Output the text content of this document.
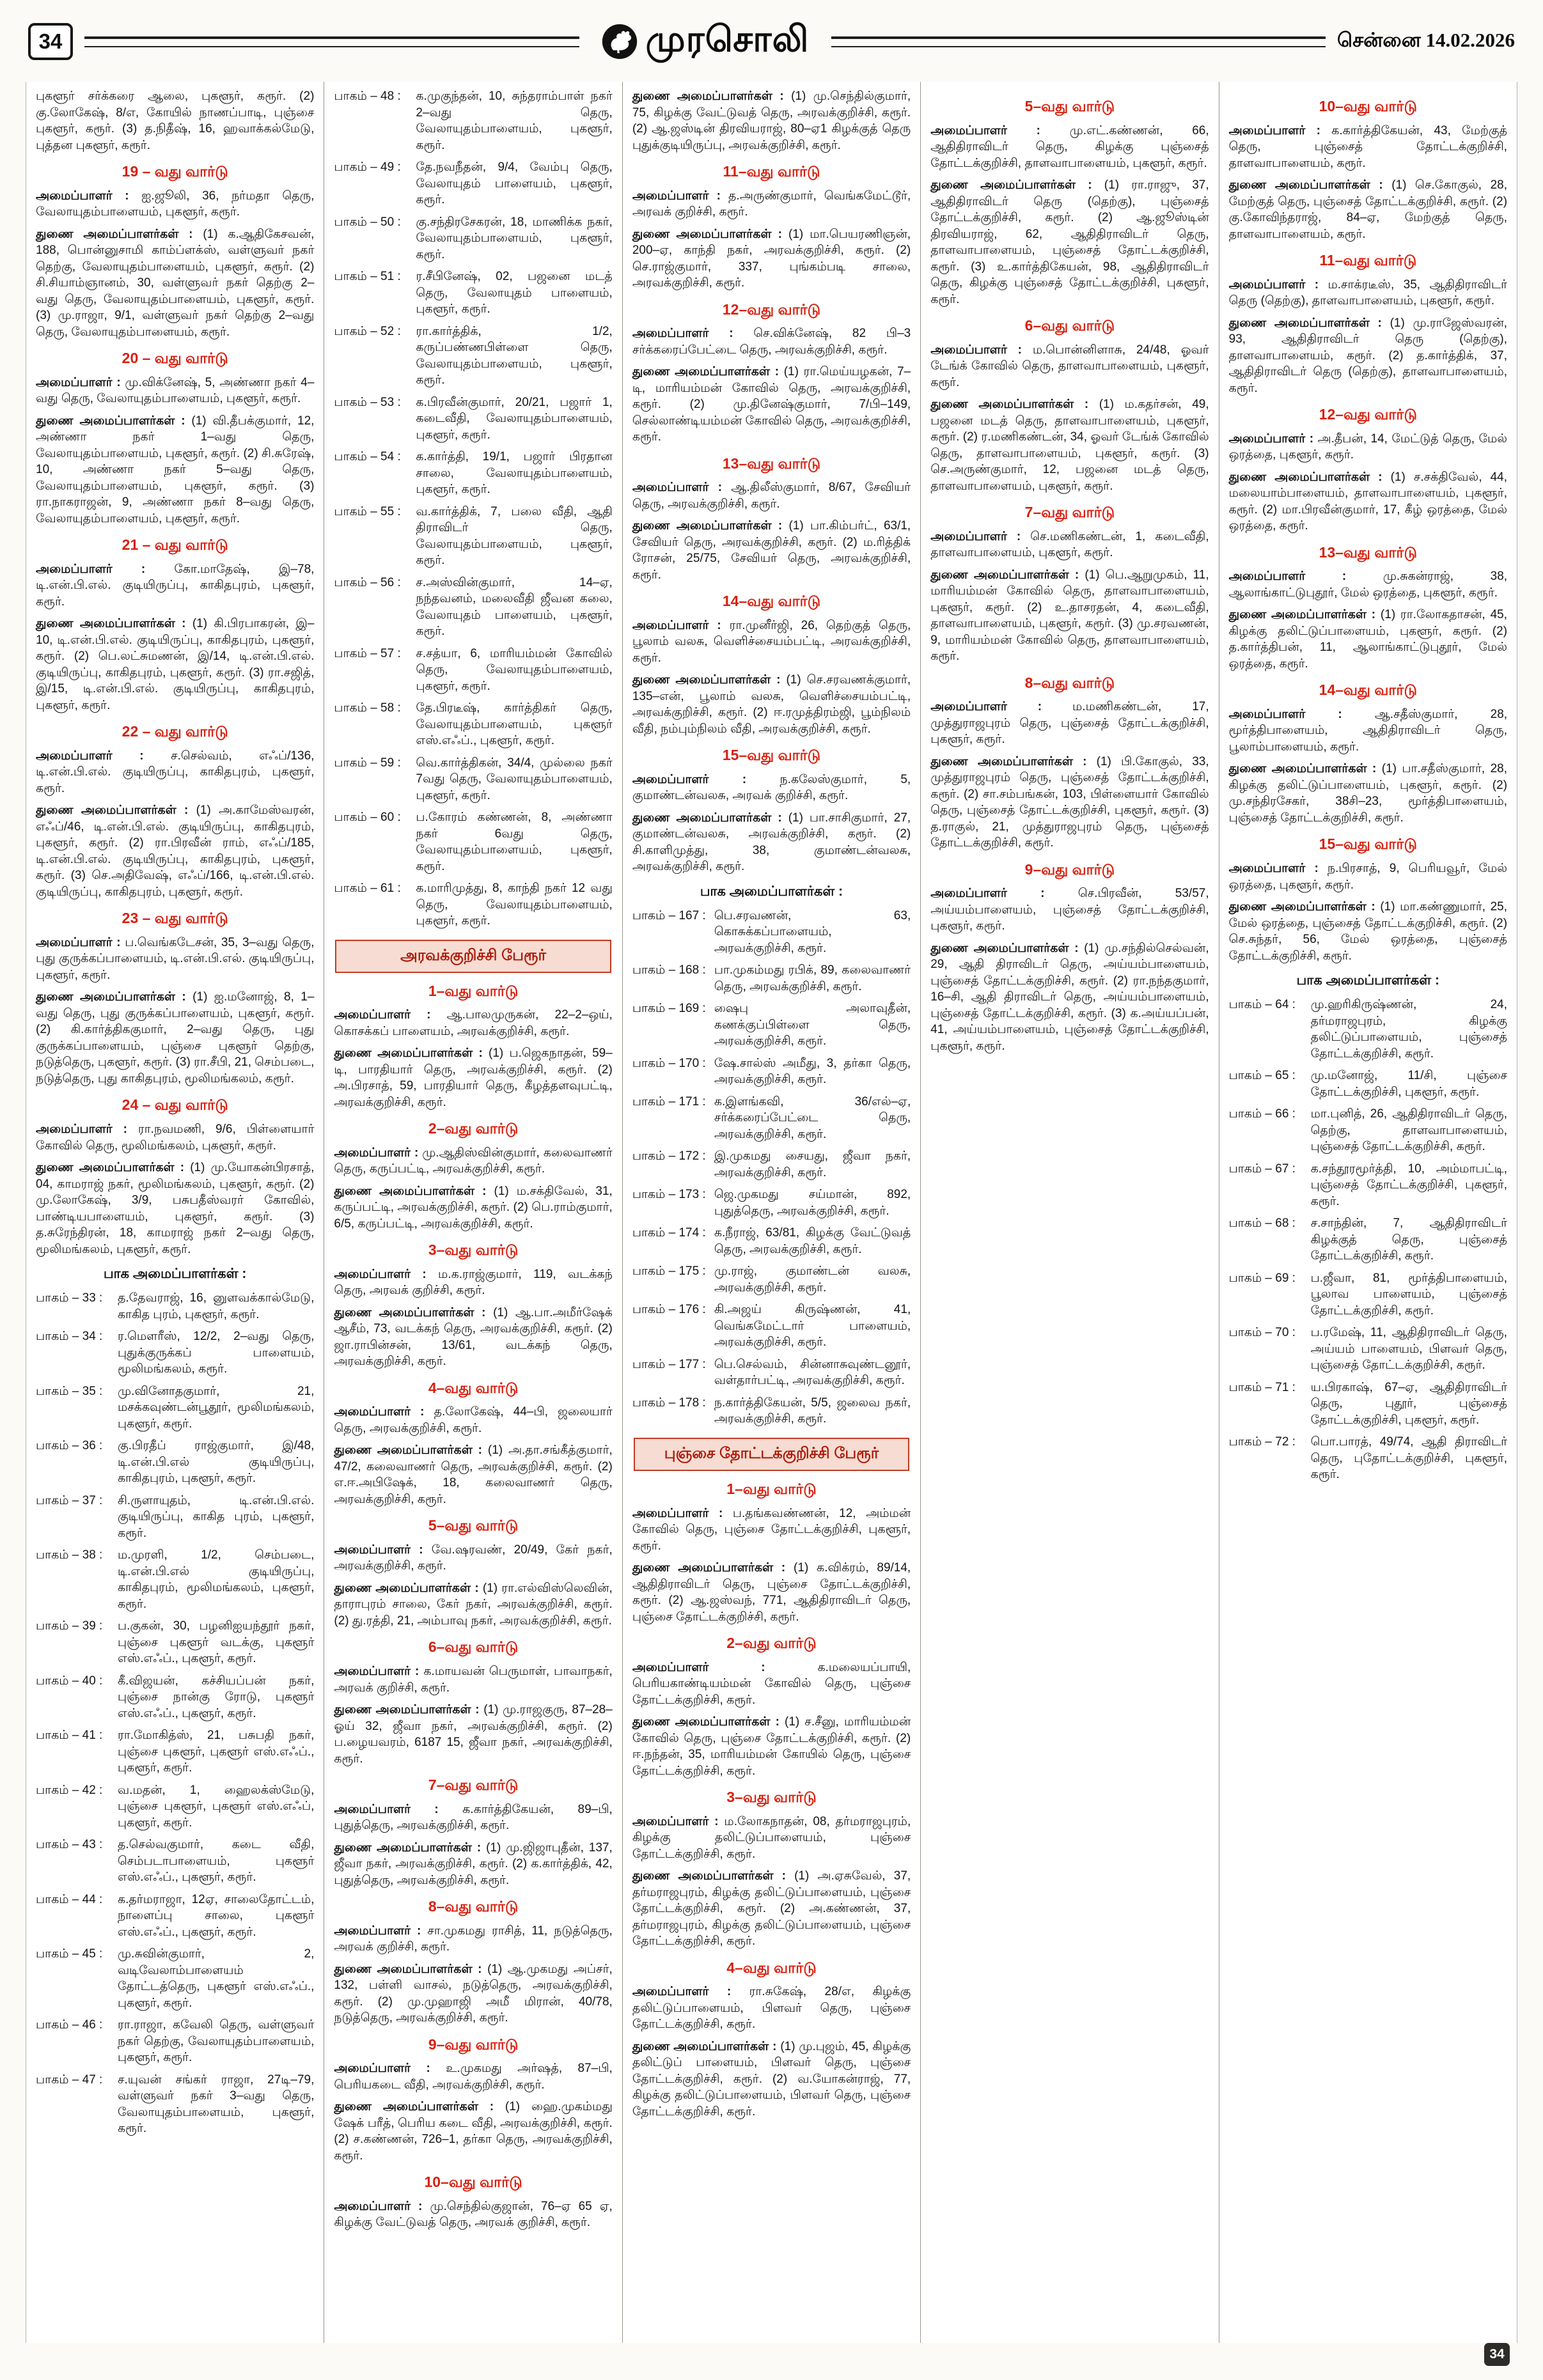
34	முரசொலி	சென்னை 14.02.2026

புகளூர் சர்க்கரை ஆலை, புகளூர், கரூர். (2) கு.லோகேஷ், 8/எ, கோயில் நாணப்பாடி, புஞ்சை புகளூர், கரூர். (3) த.நிதீஷ், 16, ஹவாக்கல்மேடு, புத்தன புகளூர், கரூர்.

19 – வது வார்டு

அமைப்பாளர் : ஐ.ஜூலி, 36, நர்மதா தெரு, வேலாயுதம்பாளையம், புகளூர், கரூர்.

துணை அமைப்பாளர்கள் : (1) க.ஆதிகேசவன், 188, பொன்னுசாமி காம்ப்ளக்ஸ், வள்ளுவர் நகர் தெற்கு, வேலாயுதம்பாளையம், புகளூர், கரூர். (2) சி.சியாம்ஞானம், 30, வள்ளுவர் நகர் தெற்கு 2– வது தெரு, வேலாயுதம்பாளையம், புகளூர், கரூர். (3) மு.ராஜா, 9/1, வள்ளுவர் நகர் தெற்கு 2–வது தெரு, வேலாயுதம்பாளையம், கரூர்.

20 – வது வார்டு

அமைப்பாளர் : மு.விக்னேஷ், 5, அண்ணா நகர் 4–வது தெரு, வேலாயுதம்பாளையம், புகளூர், கரூர்.

துணை அமைப்பாளர்கள் : (1) வி.தீபக்குமார், 12, அண்ணா நகர் 1–வது தெரு, வேலாயுதம்பாளையம், புகளூர், கரூர். (2) சி.சுரேஷ், 10, அண்ணா நகர் 5–வது தெரு, வேலாயுதம்பாளையம், புகளூர், கரூர். (3) ரா.நாகராஜன், 9, அண்ணா நகர் 8–வது தெரு, வேலாயுதம்பாளையம், புகளூர், கரூர்.

21 – வது வார்டு

அமைப்பாளர் : கோ.மாதேஷ், இ–78, டி.என்.பி.எல். குடியிருப்பு, காகிதபுரம், புகளூர், கரூர்.

துணை அமைப்பாளர்கள் : (1) கி.பிரபாகரன், இ–10, டி.என்.பி.எல். குடியிருப்பு, காகிதபுரம், புகளூர், கரூர். (2) பெ.லட்சுமணன், இ/14, டி.என்.பி.எல். குடியிருப்பு, காகிதபுரம், புகளூர், கரூர். (3) ரா.சஜித், இ/15, டி.என்.பி.எல். குடியிருப்பு, காகிதபுரம், புகளூர், கரூர்.

22 – வது வார்டு

அமைப்பாளர் : ச.செல்வம், எஃப்/136, டி.என்.பி.எல். குடியிருப்பு, காகிதபுரம், புகளூர், கரூர்.

துணை அமைப்பாளர்கள் : (1) அ.காமேஸ்வரன், எஃப்/46, டி.என்.பி.எல். குடியிருப்பு, காகிதபுரம், புகளூர், கரூர். (2) ரா.பிரவீன் ராம், எஃப்/185, டி.என்.பி.எல். குடியிருப்பு, காகிதபுரம், புகளூர், கரூர். (3) செ.அதிவேஷ், எஃப்/166, டி.என்.பி.எல். குடியிருப்பு, காகிதபுரம், புகளூர், கரூர்.

23 – வது வார்டு

அமைப்பாளர் : ப.வெங்கடேசன், 35, 3–வது தெரு, புது குருக்கப்பாளையம், டி.என்.பி.எல். குடியிருப்பு, புகளூர், கரூர்.

துணை அமைப்பாளர்கள் : (1) ஐ.மனோஜ், 8, 1–வது தெரு, புது குருக்கப்பாளையம், புகளூர், கரூர். (2) கி.கார்த்திககுமார், 2–வது தெரு, புது குருக்கப்பாளையம், புஞ்சை புகளூர் தெற்கு, நடுத்தெரு, புகளூர், கரூர். (3) ரா.சீபி, 21, செம்படை, நடுத்தெரு, புது காகிதபுரம், மூலிமங்கலம், கரூர்.

24 – வது வார்டு

அமைப்பாளர் : ரா.நவமணி, 9/6, பிள்ளையார் கோவில் தெரு, மூலிமங்கலம், புகளூர், கரூர்.

துணை அமைப்பாளர்கள் : (1) மு.யோகன்பிரசாத், 04, காமராஜ் நகர், மூலிமங்கலம், புகளூர், கரூர். (2) மு.லோகேஷ், 3/9, பசுபதீஸ்வரர் கோவில், பாண்டியபாளையம், புகளூர், கரூர். (3) த.சுரேந்திரன், 18, காமராஜ் நகர் 2–வது தெரு, மூலிமங்கலம், புகளூர், கரூர்.

பாக அமைப்பாளர்கள் :
பாகம் – 33 :	த.தேவராஜ், 16, னுளவக்கால்மேடு, காகித புரம், புகளூர், கரூர்.
பாகம் – 34 :	ர.மௌரீஸ், 12/2, 2–வது தெரு, புதுக்குருக்கப் பாளையம், மூலிமங்கலம், கரூர்.
பாகம் – 35 :	மு.வினோதகுமார், 21, மசக்கவுண்டன்பூதூர், மூலிமங்கலம், புகளூர், கரூர்.
பாகம் – 36 :	கு.பிரதீப் ராஜ்குமார், இ/48, டி.என்.பி.எல் குடியிருப்பு, காகிதபுரம், புகளூர், கரூர்.
பாகம் – 37 :	சி.ருளாயுதம், டி.என்.பி.எல். குடியிருப்பு, காகித புரம், புகளூர், கரூர்.
பாகம் – 38 :	ம.முரளி, 1/2, செம்படை, டி.என்.பி.எல் குடியிருப்பு, காகிதபுரம், மூலிமங்கலம், புகளூர், கரூர்.
பாகம் – 39 :	ப.குகன், 30, பழனிஐயந்தூர் நகர், புஞ்சை புகளூர் வடக்கு, புகளூர் எஸ்.எஃப்., புகளூர், கரூர்.
பாகம் – 40 :	கீ.விஜயன், கச்சியப்பன் நகர், புஞ்சை நான்கு ரோடு, புகளூர் எஸ்.எஃப்., புகளூர், கரூர்.
பாகம் – 41 :	ரா.மோகித்ஸ், 21, பசுபதி நகர், புஞ்சை புகளூர், புகளூர் எஸ்.எஃப்., புகளூர், கரூர்.
பாகம் – 42 :	வ.மதன், 1, ஹைலக்ஸ்மேடு, புஞ்சை புகளூர், புகளூர் எஸ்.எஃப், புகளூர், கரூர்.
பாகம் – 43 :	த.செல்வகுமார், கடை வீதி, செம்படாபாளையம், புகளூர் எஸ்.எஃப்., புகளூர், கரூர்.
பாகம் – 44 :	க.தர்மராஜா, 12ஏ, சாலைதோட்டம், நாளைப்பு சாலை, புகளூர் எஸ்.எஃப்., புகளூர், கரூர்.
பாகம் – 45 :	மு.சுவின்குமார், 2, வடிவேலாம்பாளையம் தோட்டத்தெரு, புகளூர் எஸ்.எஃப்., புகளூர், கரூர்.
பாகம் – 46 :	ரா.ராஜா, கவேலி தெரு, வள்ளுவர் நகர் தெற்கு, வேலாயுதம்பாளையம், புகளூர், கரூர்.
பாகம் – 47 :	ச.யுவன் சங்கர் ராஜா, 27டி–79, வள்ளுவர் நகர் 3–வது தெரு, வேலாயுதம்பாளையம், புகளூர், கரூர்.
பாகம் – 48 :	க.முகுந்தன், 10, சுந்தராம்பாள் நகர் 2–வது தெரு, வேலாயுதம்பாளையம், புகளூர், கரூர்.
பாகம் – 49 :	தே.நவநீதன், 9/4, வேம்பு தெரு, வேலாயுதம் பாளையம், புகளூர், கரூர்.
பாகம் – 50 :	கு.சந்திரசேகரன், 18, மாணிக்க நகர், வேலாயுதம்பாளையம், புகளூர், கரூர்.
பாகம் – 51 :	ர.சீபினேஷ், 02, பஜனை மடத் தெரு, வேலாயுதம் பாளையம், புகளூர், கரூர்.
பாகம் – 52 :	ரா.கார்த்திக், 1/2, கருப்பண்ணபிள்ளை தெரு, வேலாயுதம்பாளையம், புகளூர், கரூர்.
பாகம் – 53 :	க.பிரவீன்குமார், 20/21, பஜார் 1, கடைவீதி, வேலாயுதம்பாளையம், புகளூர், கரூர்.
பாகம் – 54 :	க.கார்த்தி, 19/1, பஜார் பிரதான சாலை, வேலாயுதம்பாளையம், புகளூர், கரூர்.
பாகம் – 55 :	வ.கார்த்திக், 7, பலை வீதி, ஆதி திராவிடர் தெரு, வேலாயுதம்பாளையம், புகளூர், கரூர்.
பாகம் – 56 :	ச.அஸ்வின்குமார், 14–ஏ, நந்தவனம், மலைவீதி ஜீவன கலை, வேலாயுதம் பாளையம், புகளூர், கரூர்.
பாகம் – 57 :	ச.சத்யா, 6, மாரியம்மன் கோவில் தெரு, வேலாயுதம்பாளையம், புகளூர், கரூர்.
பாகம் – 58 :	தே.பிரடீஷ், கார்த்திகர் தெரு, வேலாயுதம்பாளையம், புகளூர் எஸ்.எஃப்., புகளூர், கரூர்.
பாகம் – 59 :	வெ.கார்த்திகன், 34/4, முல்லை நகர் 7வது தெரு, வேலாயுதம்பாளையம், புகளூர், கரூர்.
பாகம் – 60 :	ப.கோரம் கண்ணன், 8, அண்ணா நகர் 6வது தெரு, வேலாயுதம்பாளையம், புகளூர், கரூர்.
பாகம் – 61 :	க.மாரிமுத்து, 8, காந்தி நகர் 12 வது தெரு, வேலாயுதம்பாளையம், புகளூர், கரூர்.
அரவக்குறிச்சி பேரூர்
1–வது வார்டு

அமைப்பாளர் : ஆ.பாலமுருகன், 22–2–ஒய், கொசக்கப் பாளையம், அரவக்குறிச்சி, கரூர்.

துணை அமைப்பாளர்கள் : (1) ப.ஜெகநாதன், 59–டி, பாரதியார் தெரு, அரவக்குறிச்சி, கரூர். (2) அ.பிரசாத், 59, பாரதியார் தெரு, கீழத்தளவுபட்டி, அரவக்குறிச்சி, கரூர்.

2–வது வார்டு

அமைப்பாளர் : மு.ஆதிஸ்வின்குமார், கலைவாணர் தெரு, கருப்பட்டி, அரவக்குறிச்சி, கரூர்.

துணை அமைப்பாளர்கள் : (1) ம.சக்திவேல், 31, கருப்பட்டி, அரவக்குறிச்சி, கரூர். (2) பெ.ராம்குமார், 6/5, கருப்பட்டி, அரவக்குறிச்சி, கரூர்.

3–வது வார்டு

அமைப்பாளர் : ம.க.ராஜ்குமார், 119, வடக்கந் தெரு, அரவக் குறிச்சி, கரூர்.

துணை அமைப்பாளர்கள் : (1) ஆ.பா.அமீர்ஷேக் ஆசீம், 73, வடக்கந் தெரு, அரவக்குறிச்சி, கரூர். (2) ஜா.ராபின்சன், 13/61, வடக்கந் தெரு, அரவக்குறிச்சி, கரூர்.

4–வது வார்டு

அமைப்பாளர் : த.லோகேஷ், 44–பி, ஜலையார் தெரு, அரவக்குறிச்சி, கரூர்.

துணை அமைப்பாளர்கள் : (1) அ.தா.சங்கீத்குமார், 47/2, கலைவாணர் தெரு, அரவக்குறிச்சி, கரூர். (2) எ.ஈ.அபிஷேக், 18, கலைவாணர் தெரு, அரவக்குறிச்சி, கரூர்.

5–வது வார்டு

அமைப்பாளர் : வே.ஷரவண், 20/49, கேர் நகர், அரவக்குறிச்சி, கரூர்.

துணை அமைப்பாளர்கள் : (1) ரா.எல்விஸ்லெவின், தாராபுரம் சாலை, கேர் நகர், அரவக்குறிச்சி, கரூர். (2) து.ரத்தி, 21, அம்பாவு நகர், அரவக்குறிச்சி, கரூர்.

6–வது வார்டு

அமைப்பாளர் : க.மாயவன் பெருமாள், பாவாநகர், அரவக் குறிச்சி, கரூர்.

துணை அமைப்பாளர்கள் : (1) மு.ராஜகுரு, 87–28–ஓய் 32, ஜீவா நகர், அரவக்குறிச்சி, கரூர். (2) ப.ழையவரம், 6187 15, ஜீவா நகர், அரவக்குறிச்சி, கரூர்.

7–வது வார்டு

அமைப்பாளர் : க.கார்த்திகேயன், 89–பி, புதுத்தெரு, அரவக்குறிச்சி, கரூர்.

துணை அமைப்பாளர்கள் : (1) மு.ஜிஜாபுதீன், 137, ஜீவா நகர், அரவக்குறிச்சி, கரூர். (2) க.கார்த்திக், 42, புதுத்தெரு, அரவக்குறிச்சி, கரூர்.

8–வது வார்டு

அமைப்பாளர் : சா.முகமது ராசித், 11, நடுத்தெரு, அரவக் குறிச்சி, கரூர்.

துணை அமைப்பாளர்கள் : (1) ஆ.முகமது அப்சர், 132, பள்ளி வாசல், நடுத்தெரு, அரவக்குறிச்சி, கரூர். (2) மு.முஹாஜி அமீ மிரான், 40/78, நடுத்தெரு, அரவக்குறிச்சி, கரூர்.

9–வது வார்டு

அமைப்பாளர் : உ.முகமது அர்ஷத், 87–பி, பெரியகடை வீதி, அரவக்குறிச்சி, கரூர்.

துணை அமைப்பாளர்கள் : (1) ஹை.முகம்மது ஷேக் பரீத், பெரிய கடை வீதி, அரவக்குறிச்சி, கரூர். (2) ச.கண்ணன், 726–1, தர்கா தெரு, அரவக்குறிச்சி, கரூர்.

10–வது வார்டு

அமைப்பாளர் : மு.செந்தில்குஜான், 76–ஏ 65 ஏ, கிழக்கு வேட்டுவத் தெரு, அரவக் குறிச்சி, கரூர்.

துணை அமைப்பாளர்கள் : (1) மு.செந்தில்குமார், 75, கிழக்கு வேட்டுவத் தெரு, அரவக்குறிச்சி, கரூர். (2) ஆ.ஜஸ்டின் திரவியராஜ், 80–ஏ1 கிழக்குத் தெரு புதுக்குடியிருப்பு, அரவக்குறிச்சி, கரூர்.

11–வது வார்டு

அமைப்பாளர் : த.அருண்குமார், வெங்கமேட்டூர், அரவக் குறிச்சி, கரூர்.

துணை அமைப்பாளர்கள் : (1) மா.பெயரணிஞன், 200–ஏ, காந்தி நகர், அரவக்குறிச்சி, கரூர். (2) செ.ராஜ்குமார், 337, புங்கம்படி சாலை, அரவக்குறிச்சி, கரூர்.

12–வது வார்டு

அமைப்பாளர் : செ.விக்னேஷ், 82 பி–3 சர்க்கரைப்பேட்டை தெரு, அரவக்குறிச்சி, கரூர்.

துணை அமைப்பாளர்கள் : (1) ரா.மெய்யழகன், 7–டி, மாரியம்மன் கோவில் தெரு, அரவக்குறிச்சி, கரூர். (2) மு.தினேஷ்குமார், 7/பி–149, செல்லாண்டியம்மன் கோவில் தெரு, அரவக்குறிச்சி, கரூர்.

13–வது வார்டு

அமைப்பாளர் : ஆ.திலீஸ்குமார், 8/67, சேவியர் தெரு, அரவக்குறிச்சி, கரூர்.

துணை அமைப்பாளர்கள் : (1) பா.கிம்பர்ட், 63/1, சேவியர் தெரு, அரவக்குறிச்சி, கரூர். (2) ம.ரித்திக் ரோசன், 25/75, சேவியர் தெரு, அரவக்குறிச்சி, கரூர்.

14–வது வார்டு

அமைப்பாளர் : ரா.முனீர்ஜி, 26, தெற்குத் தெரு, பூலாம் வலசு, வெளிச்சையம்பட்டி, அரவக்குறிச்சி, கரூர்.

துணை அமைப்பாளர்கள் : (1) செ.சரவணக்குமார், 135–என், பூலாம் வலசு, வெளிச்சையம்பட்டி, அரவக்குறிச்சி, கரூர். (2) ஈ.ரமுத்திரம்ஜி, பூம்நிலம் வீதி, நம்பும்நிலம் வீதி, அரவக்குறிச்சி, கரூர்.

15–வது வார்டு

அமைப்பாளர் :	ந.கலேஸ்குமார், 5, குமாண்டன்வலசு, அரவக் குறிச்சி, கரூர்.

துணை அமைப்பாளர்கள் : (1) பா.சாசிகுமார், 27, குமாண்டன்வலசு, அரவக்குறிச்சி, கரூர். (2) சி.காளிமுத்து, 38, குமாண்டன்வலசு, அரவக்குறிச்சி, கரூர்.

பாக அமைப்பாளர்கள் :
பாகம் – 167 :	பெ.சரவணன், 63, கொசுக்கப்பாளையம், அரவக்குறிச்சி, கரூர்.
பாகம் – 168 :	பா.முகம்மது ரபிக், 89, கலைவாணர் தெரு, அரவக்குறிச்சி, கரூர்.
பாகம் – 169 :	ஷைபு அலாவுதீன், கணக்குப்பிள்ளை தெரு, அரவக்குறிச்சி, கரூர்.
பாகம் – 170 :	ஷே.சால்ஸ் அமீது, 3, தர்கா தெரு, அரவக்குறிச்சி, கரூர்.
பாகம் – 171 :	க.இளங்கவி, 36/எல்–ஏ, சர்க்கரைப்பேட்டை தெரு, அரவக்குறிச்சி, கரூர்.
பாகம் – 172 :	இ.முகமது சையது, ஜீவா நகர், அரவக்குறிச்சி, கரூர்.
பாகம் – 173 :	ஜெ.முகமது சய்மான், 892, புதுத்தெரு, அரவக்குறிச்சி, கரூர்.
பாகம் – 174 :	க.நீராஜ், 63/81, கிழக்கு வேட்டுவத் தெரு, அரவக்குறிச்சி, கரூர்.
பாகம் – 175 :	மு.ராஜ், குமாண்டன் வலசு, அரவக்குறிச்சி, கரூர்.
பாகம் – 176 :	கி.அஜய் கிருஷ்ணன், 41, வெங்கமேட்டார் பாளையம், அரவக்குறிச்சி, கரூர்.
பாகம் – 177 :	பெ.செல்வம், சின்னாசுவுண்டனூர், வள்தார்பட்டி, அரவக்குறிச்சி, கரூர்.
பாகம் – 178 :	ந.கார்த்திகேயன், 5/5, ஜலைவ நகர், அரவக்குறிச்சி, கரூர்.
புஞ்சை தோட்டக்குறிச்சி பேரூர்
1–வது வார்டு

அமைப்பாளர் : ப.தங்கவண்ணன், 12, அம்மன் கோவில் தெரு, புஞ்சை தோட்டக்குறிச்சி, புகளூர், கரூர்.

துணை அமைப்பாளர்கள் : (1) க.விக்ரம், 89/14, ஆதிதிராவிடர் தெரு, புஞ்சை தோட்டக்குறிச்சி, கரூர். (2) ஆ.ஜஸ்வந், 771, ஆதிதிராவிடர் தெரு, புஞ்சை தோட்டக்குறிச்சி, கரூர்.

2–வது வார்டு

அமைப்பாளர் :	க.மலையப்பாயி, பெரியகாண்டியம்மன் கோவில் தெரு, புஞ்சை தோட்டக்குறிச்சி, கரூர்.

துணை அமைப்பாளர்கள் : (1) ச.சீனு, மாரியம்மன் கோவில் தெரு, புஞ்சை தோட்டக்குறிச்சி, கரூர். (2) ஈ.நந்தன், 35, மாரியம்மன் கோயில் தெரு, புஞ்சை தோட்டக்குறிச்சி, கரூர்.

3–வது வார்டு

அமைப்பாளர் : ம.லோகநாதன், 08, தர்மராஜபுரம், கிழக்கு தலிட்டுப்பாளையம், புஞ்சை தோட்டக்குறிச்சி, கரூர்.

துணை அமைப்பாளர்கள் : (1) அ.ஏசுவேல், 37, தர்மராஜபுரம், கிழக்கு தலிட்டுப்பாளையம், புஞ்சை தோட்டக்குறிச்சி, கரூர். (2) அ.கண்ணன், 37, தர்மராஜபுரம், கிழக்கு தலிட்டுப்பாளையம், புஞ்சை தோட்டக்குறிச்சி, கரூர்.

4–வது வார்டு

அமைப்பாளர் : ரா.சுகேஷ், 28/எ, கிழக்கு தலிட்டுப்பாளையம், பிளவர் தெரு, புஞ்சை தோட்டக்குறிச்சி, கரூர்.

துணை அமைப்பாளர்கள் : (1) மு.புஜம், 45, கிழக்கு தலிட்டுப் பாளையம், பிளவர் தெரு, புஞ்சை தோட்டக்குறிச்சி, கரூர். (2) வ.யோகன்ராஜ், 77, கிழக்கு தலிட்டுப்பாளையம், பிளவர் தெரு, புஞ்சை தோட்டக்குறிச்சி, கரூர்.

5–வது வார்டு

அமைப்பாளர் : மு.எட்.கண்ணன், 66, ஆதிதிராவிடர் தெரு, கிழக்கு புஞ்சைத் தோட்டக்குறிச்சி, தாளவாபாளையம், புகளூர், கரூர்.

துணை அமைப்பாளர்கள் : (1) ரா.ராஜு, 37, ஆதிதிராவிடர் தெரு (தெற்கு), புஞ்சைத் தோட்டக்குறிச்சி, கரூர். (2) ஆ.ஜூஸ்டின் திரவியராஜ், 62, ஆதிதிராவிடர் தெரு, தாளவாபாளையம், புஞ்சைத் தோட்டக்குறிச்சி, கரூர். (3) உ.கார்த்திகேயன், 98, ஆதிதிராவிடர் தெரு, கிழக்கு புஞ்சைத் தோட்டக்குறிச்சி, புகளூர், கரூர்.

6–வது வார்டு

அமைப்பாளர் : ம.பொன்னிளாசு, 24/48, ஓவர் டேங்க் கோவில் தெரு, தாளவாபாளையம், புகளூர், கரூர்.

துணை அமைப்பாளர்கள் : (1) ம.கதர்சன், 49, பஜனை மடத் தெரு, தாளவாபாளையம், புகளூர், கரூர். (2) ர.மணிகண்டன், 34, ஓவர் டேங்க் கோவில் தெரு, தாளவாபாளையம், புகளூர், கரூர். (3) செ.அருண்குமார், 12, பஜனை மடத் தெரு, தாளவாபாளையம், புகளூர், கரூர்.

7–வது வார்டு

அமைப்பாளர் : செ.மணிகண்டன், 1, கடைவீதி, தாளவாபாளையம், புகளூர், கரூர்.

துணை அமைப்பாளர்கள் : (1) பெ.ஆறுமுகம், 11, மாரியம்மன் கோவில் தெரு, தாளவாபாளையம், புகளூர், கரூர். (2) உ.தாசரதன், 4, கடைவீதி, தாளவாபாளையம், புகளூர், கரூர். (3) மு.சரவணன், 9, மாரியம்மன் கோவில் தெரு, தாளவாபாளையம், கரூர்.

8–வது வார்டு

அமைப்பாளர் :	ம.மணிகண்டன், 17, முத்துராஜபுரம் தெரு, புஞ்சைத் தோட்டக்குறிச்சி, புகளூர், கரூர்.

துணை அமைப்பாளர்கள் : (1) பி.கோகுல், 33, முத்துராஜபுரம் தெரு, புஞ்சைத் தோட்டக்குறிச்சி, கரூர். (2) சா.சம்பங்கன், 103, பிள்ளையார் கோவில் தெரு, புஞ்சைத் தோட்டக்குறிச்சி, புகளூர், கரூர். (3) த.ராகுல், 21, முத்துராஜபுரம் தெரு, புஞ்சைத் தோட்டக்குறிச்சி, கரூர்.

9–வது வார்டு

அமைப்பாளர் :	செ.பிரவீன், 53/57, அய்யம்பாளையம், புஞ்சைத் தோட்டக்குறிச்சி, புகளூர், கரூர்.

துணை அமைப்பாளர்கள் : (1) மு.சந்தில்செல்வன், 29, ஆதி திராவிடர் தெரு, அய்யம்பாளையம், புஞ்சைத் தோட்டக்குறிச்சி, கரூர். (2) ரா.நந்தகுமார், 16–சி, ஆதி திராவிடர் தெரு, அய்யம்பாளையம், புஞ்சைத் தோட்டக்குறிச்சி, கரூர். (3) க.அய்யப்பன், 41, அய்யம்பாளையம், புஞ்சைத் தோட்டக்குறிச்சி, புகளூர், கரூர்.

10–வது வார்டு

அமைப்பாளர் : க.கார்த்திகேயன், 43, மேற்குத் தெரு, புஞ்சைத் தோட்டக்குறிச்சி, தாளவாபாளையம், கரூர்.

துணை அமைப்பாளர்கள் : (1) செ.கோகுல், 28, மேற்குத் தெரு, புஞ்சைத் தோட்டக்குறிச்சி, கரூர். (2) கு.கோவிந்தராஜ், 84–ஏ, மேற்குத் தெரு, தாளவாபாளையம், கரூர்.

11–வது வார்டு

அமைப்பாளர் : ம.சாக்ரடீஸ், 35, ஆதிதிராவிடர் தெரு (தெற்கு), தாளவாபாளையம், புகளூர், கரூர்.

துணை அமைப்பாளர்கள் : (1) மு.ராஜேஸ்வரன், 93, ஆதிதிராவிடர் தெரு (தெற்கு), தாளவாபாளையம், கரூர். (2) த.கார்த்திக், 37, ஆதிதிராவிடர் தெரு (தெற்கு), தாளவாபாளையம், கரூர்.

12–வது வார்டு

அமைப்பாளர் : அ.தீபன், 14, மேட்டுத் தெரு, மேல் ஒரத்தை, புகளூர், கரூர்.

துணை அமைப்பாளர்கள் : (1) ச.சக்திவேல், 44, மலையாம்பாளையம், தாளவாபாளையம், புகளூர், கரூர். (2) மா.பிரவீன்குமார், 17, கீழ் ஒரத்தை, மேல் ஒரத்தை, கரூர்.

13–வது வார்டு

அமைப்பாளர் :	மு.சுகன்ராஜ், 38, ஆலாங்காட்டுபுதூர், மேல் ஒரத்தை, புகளூர், கரூர்.

துணை அமைப்பாளர்கள் : (1) ரா.லோகதாசன், 45, கிழக்கு தலிட்டுப்பாளையம், புகளூர், கரூர். (2) த.கார்த்திபன், 11, ஆலாங்காட்டுபுதூர், மேல் ஒரத்தை, கரூர்.

14–வது வார்டு

அமைப்பாளர் :	ஆ.சதீஸ்குமார், 28, மூர்த்திபாளையம், ஆதிதிராவிடர் தெரு, பூலாம்பாளையம், கரூர்.

துணை அமைப்பாளர்கள் : (1) பா.சதீஸ்குமார், 28, கிழக்கு தலிட்டுப்பாளையம், புகளூர், கரூர். (2) மு.சந்திரசேகர், 38சி–23, மூர்த்திபாளையம், புஞ்சைத் தோட்டக்குறிச்சி, கரூர்.

15–வது வார்டு

அமைப்பாளர் : ந.பிரசாத், 9, பெரியவூர், மேல் ஒரத்தை, புகளூர், கரூர்.

துணை அமைப்பாளர்கள் : (1) மா.கண்ணுமார், 25, மேல் ஒரத்தை, புஞ்சைத் தோட்டக்குறிச்சி, கரூர். (2) செ.சுந்தர், 56, மேல் ஒரத்தை, புஞ்சைத் தோட்டக்குறிச்சி, கரூர்.

பாக அமைப்பாளர்கள் :
பாகம் – 64 :	மு.ஹரிகிருஷ்ணன், 24, தர்மராஜபுரம், கிழக்கு தலிட்டுப்பாளையம், புஞ்சைத் தோட்டக்குறிச்சி, கரூர்.
பாகம் – 65 :	மு.மனோஜ், 11/சி, புஞ்சை தோட்டக்குறிச்சி, புகளூர், கரூர்.
பாகம் – 66 :	மா.புனித், 26, ஆதிதிராவிடர் தெரு, தெற்கு, தாளவாபாளையம், புஞ்சைத் தோட்டக்குறிச்சி, கரூர்.
பாகம் – 67 :	க.சந்தூரமூர்த்தி, 10, அம்மாபட்டி, புஞ்சைத் தோட்டக்குறிச்சி, புகளூர், கரூர்.
பாகம் – 68 :	ச.சாந்தின், 7, ஆதிதிராவிடர் கிழக்குத் தெரு, புஞ்சைத் தோட்டக்குறிச்சி, கரூர்.
பாகம் – 69 :	ப.ஜீவா, 81, மூர்த்திபாளையம், பூலாவ பாளையம், புஞ்சைத் தோட்டக்குறிச்சி, கரூர்.
பாகம் – 70 :	ப.ரமேஷ், 11, ஆதிதிராவிடர் தெரு, அய்யம் பாளையம், பிளவர் தெரு, புஞ்சைத் தோட்டக்குறிச்சி, கரூர்.
பாகம் – 71 :	ய.பிரகாஷ், 67–ஏ, ஆதிதிராவிடர் தெரு, புதூர், புஞ்சைத் தோட்டக்குறிச்சி, புகளூர், கரூர்.
பாகம் – 72 :	பொ.பாரத், 49/74, ஆதி திராவிடர் தெரு, புதோட்டக்குறிச்சி, புகளூர், கரூர்.
34
